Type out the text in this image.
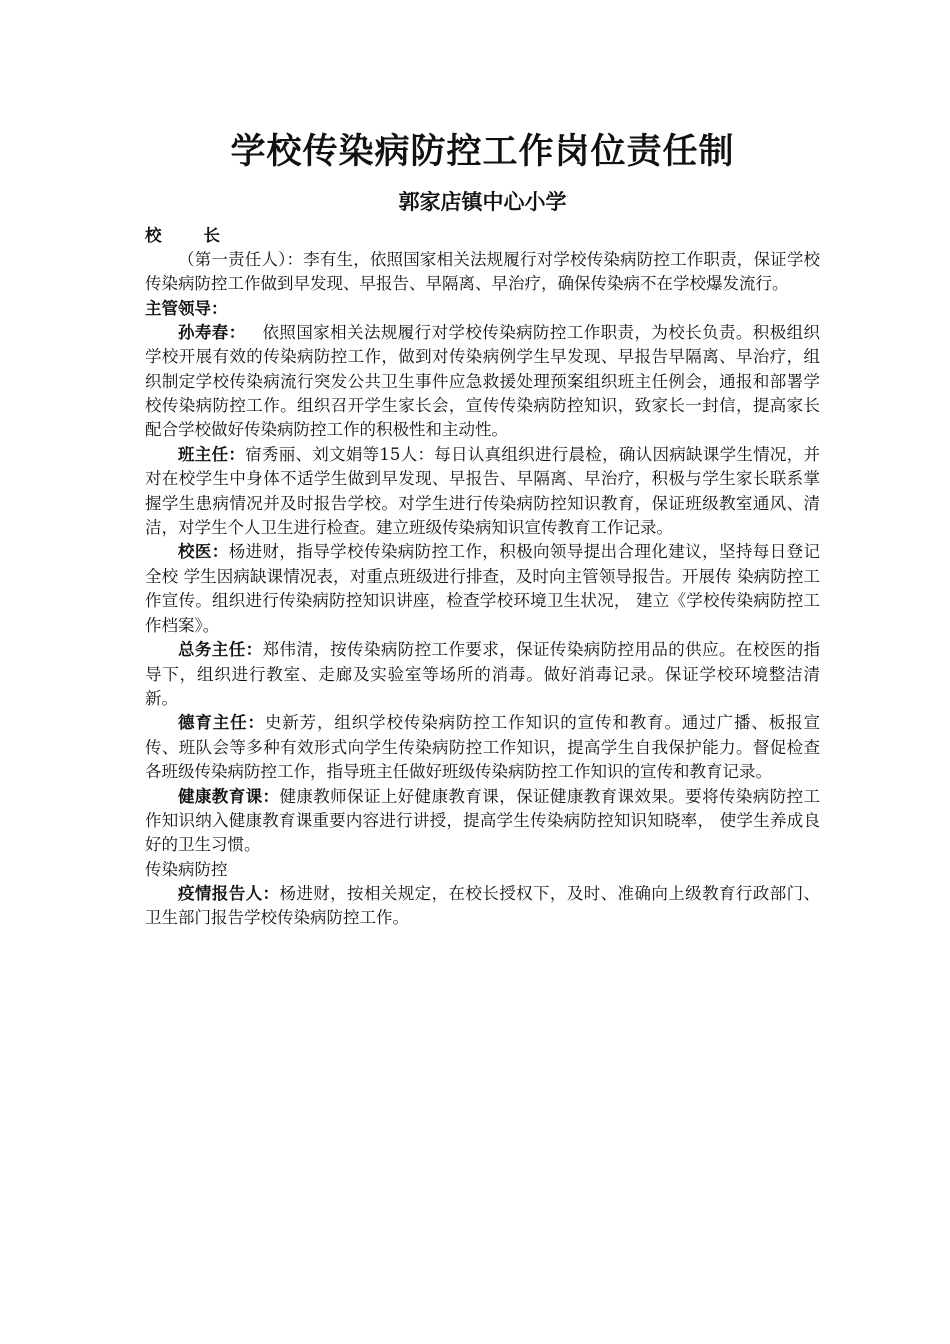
学校传染病防控工作岗位责任制
郭家店镇中心小学

校长

（第一责任人）：李有生，依照国家相关法规履行对学校传染病防控工作职责，保证学校传染病防控工作做到早发现、早报告、早隔离、早治疗，确保传染病不在学校爆发流行。

主管领导：

孙寿春：  依照国家相关法规履行对学校传染病防控工作职责，为校长负责。积极组织学校开展有效的传染病防控工作，做到对传染病例学生早发现、早报告早隔离、早治疗，组织制定学校传染病流行突发公共卫生事件应急救援处理预案组织班主任例会，通报和部署学校传染病防控工作。组织召开学生家长会，宣传传染病防控知识，致家长一封信，提高家长配合学校做好传染病防控工作的积极性和主动性。

班主任：宿秀丽、刘文娟等15人：每日认真组织进行晨检，确认因病缺课学生情况，并对在校学生中身体不适学生做到早发现、早报告、早隔离、早治疗，积极与学生家长联系掌握学生患病情况并及时报告学校。对学生进行传染病防控知识教育，保证班级教室通风、清洁，对学生个人卫生进行检查。建立班级传染病知识宣传教育工作记录。

校医：杨进财，指导学校传染病防控工作，积极向领导提出合理化建议，坚持每日登记全校 学生因病缺课情况表，对重点班级进行排查，及时向主管领导报告。开展传 染病防控工作宣传。组织进行传染病防控知识讲座，检查学校环境卫生状况， 建立《学校传染病防控工作档案》。

总务主任：郑伟清，按传染病防控工作要求，保证传染病防控用品的供应。在校医的指导下，组织进行教室、走廊及实验室等场所的消毒。做好消毒记录。保证学校环境整洁清新。

德育主任：史新芳，组织学校传染病防控工作知识的宣传和教育。通过广播、板报宣传、班队会等多种有效形式向学生传染病防控工作知识，提高学生自我保护能力。督促检查各班级传染病防控工作，指导班主任做好班级传染病防控工作知识的宣传和教育记录。

健康教育课：健康教师保证上好健康教育课，保证健康教育课效果。要将传染病防控工作知识纳入健康教育课重要内容进行讲授，提高学生传染病防控知识知晓率， 使学生养成良好的卫生习惯。

传染病防控

疫情报告人：杨进财，按相关规定，在校长授权下，及时、准确向上级教育行政部门、卫生部门报告学校传染病防控工作。
